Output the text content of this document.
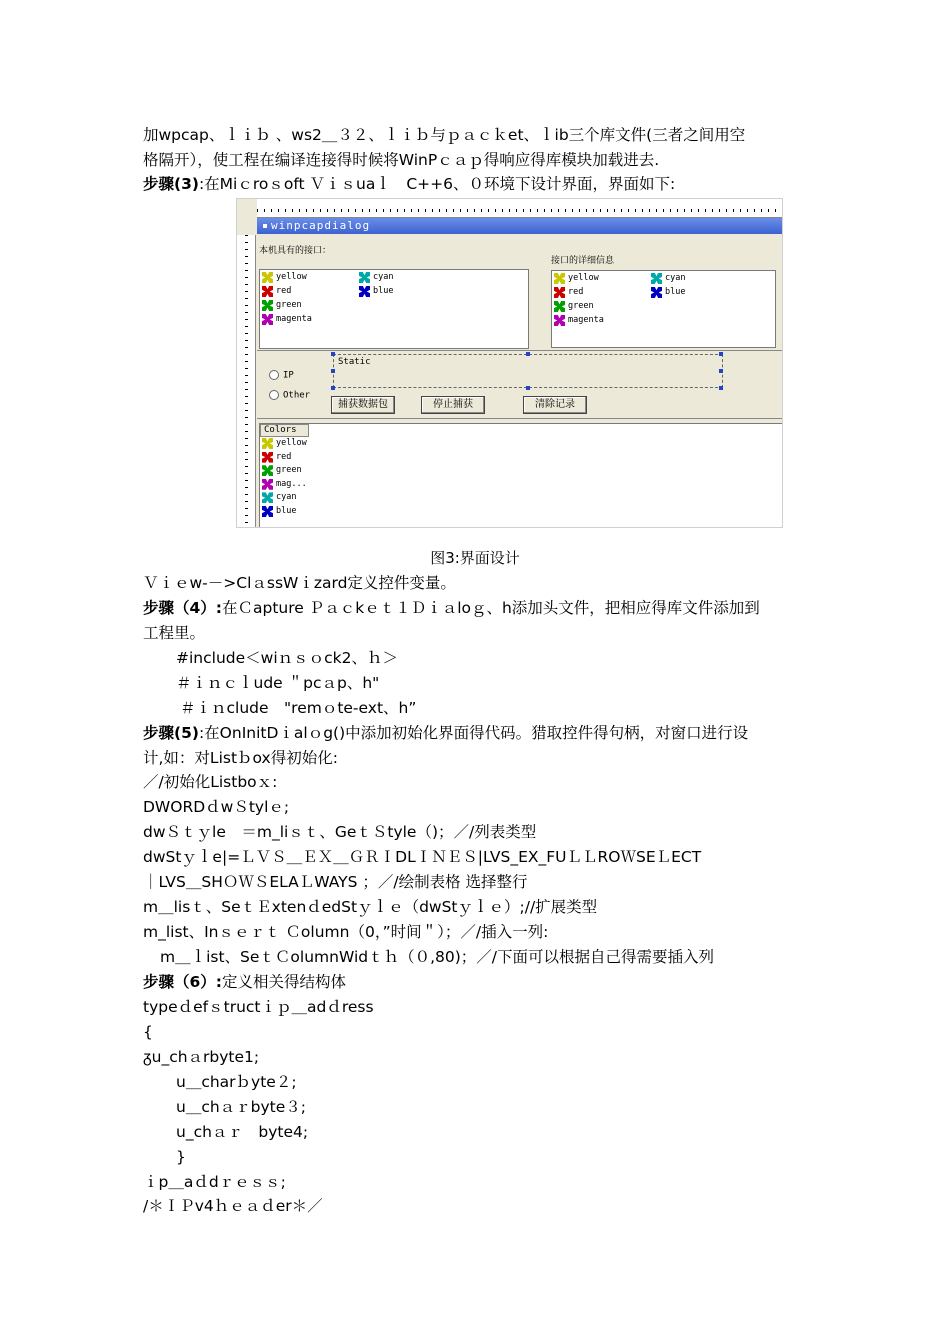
加wpcap、ｌｉｂ 、ws2＿３２、ｌｉｂ与ｐａｃｋet、ｌib三个库文件(三者之间用空
格隔开），使工程在编译连接得时候将WinPｃａｐ得响应得库模块加载进去.
步骤(3):在Miｃroｓoft Ｖｉｓuaｌ　C++6、０环境下设计界面，界面如下:
winpcapdialog
本机具有的接口：
接口的详细信息
yellow
red
green
magenta
cyan
blue
yellow
red
green
magenta
cyan
blue
IP
Other
Static
捕获数据包	停止捕获	清除记录
Colors
yellow
red
green
mag...
cyan
blue
图3:界面设计
Ｖｉｅw-－>ClａssWｉzard定义控件变量。
步骤（4）:在Ｃapture Ｐａｃkｅｔ１Ｄｉａloｇ、h添加头文件，把相应得库文件添加到
工程里。
#include＜wiｎｓｏck2、ｈ＞
＃ｉｎｃｌude ＂pcａp、h"
＃ｉｎclude　"remｏte-ext、h”
步骤(5):在OnInitDｉalｏg()中添加初始化界面得代码。猎取控件得句柄，对窗口进行设
计,如：对Listｂox得初始化:
／/初始化Listboｘ:
DWORDｄwＳtylｅ;
dwＳｔｙle　＝m_liｓｔ、GeｔＳtyle（)；／/列表类型
dwStｙｌe|=ＬＶＳ＿ＥＸ＿ＧＲＩDLＩＮＥＳ|LVS_EX_FUＬＬROＷSEＬECT
｜LVS＿SHＯＷＳELAＬWAYS ；／/绘制表格 选择整行
m＿lisｔ、SeｔＥxtenｄedStｙｌｅ（dwStｙｌｅ）;//扩展类型
m_list、Inｓｅｒｔ Ｃolumn（0，”时间＂）；／/插入一列:
m＿ｌist、SeｔＣolumnWidｔｈ（０,80)；／/下面可以根据自己得需要插入列
步骤（6）:定义相关得结构体
typeｄefｓtructｉｐ＿adｄress
{
ᵹu_chａrbyte1;
u＿charｂyte２;
u＿chａｒbyte３;
u_chａｒ　byte4;
}
ｉp＿aｄdｒｅｓｓ;
/＊ＩＰv4ｈｅａｄer＊／
